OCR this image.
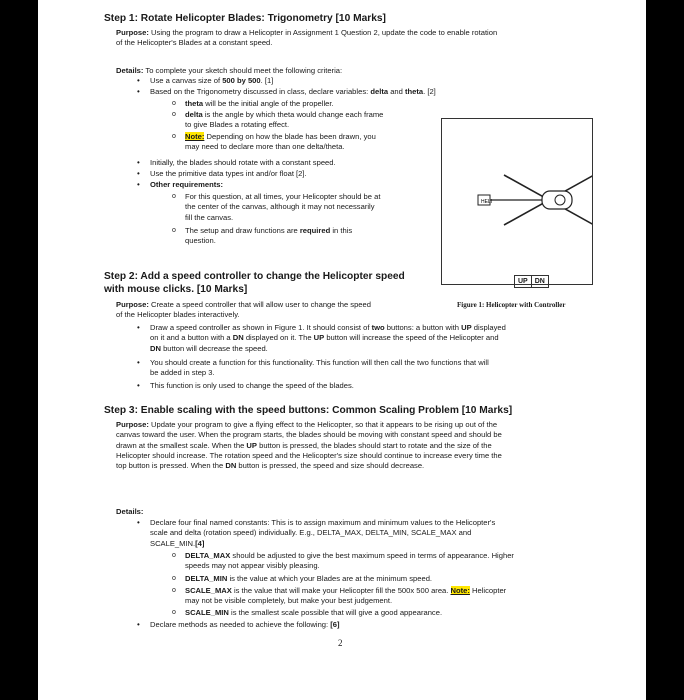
Step 1: Rotate Helicopter Blades: Trigonometry [10 Marks]
Purpose: Using the program to draw a Helicopter in Assignment 1 Question 2, update the code to enable rotation
of the Helicopter's Blades at a constant speed.
Details: To complete your sketch should meet the following criteria:
• Use a canvas size of 500 by 500. [1]
• Based on the Trigonometry discussed in class, declare variables: delta and theta. [2]
o theta will be the initial angle of the propeller.
o delta is the angle by which theta would change each frame
to give Blades a rotating effect.
o Note: Depending on how the blade has been drawn, you
may need to declare more than one delta/theta.
• Initially, the blades should rotate with a constant speed.
• Use the primitive data types int and/or float [2].
• Other requirements:
o For this question, at all times, your Helicopter should be at
the center of the canvas, although it may not necessarily
fill the canvas.
o The setup and draw functions are required in this
question.
HELI
UP	DN
Figure 1: Helicopter with Controller
Step 2: Add a speed controller to change the Helicopter speed
with mouse clicks. [10 Marks]
Purpose: Create a speed controller that will allow user to change the speed
of the Helicopter blades interactively.
• Draw a speed controller as shown in Figure 1. It should consist of two buttons: a button with UP displayed
on it and a button with a DN displayed on it. The UP button will increase the speed of the Helicopter and
DN button will decrease the speed.
• You should create a function for this functionality. This function will then call the two functions that will
be added in step 3.
• This function is only used to change the speed of the blades.
Step 3: Enable scaling with the speed buttons: Common Scaling Problem [10 Marks]
Purpose: Update your program to give a flying effect to the Helicopter, so that it appears to be rising up out of the
canvas toward the user. When the program starts, the blades should be moving with constant speed and should be
drawn at the smallest scale. When the UP button is pressed, the blades should start to rotate and the size of the
Helicopter should increase. The rotation speed and the Helicopter's size should continue to increase every time the
top button is pressed. When the DN button is pressed, the speed and size should decrease.
Details:
• Declare four final named constants: This is to assign maximum and minimum values to the Helicopter's
scale and delta (rotation speed) individually. E.g., DELTA_MAX, DELTA_MIN, SCALE_MAX and
SCALE_MIN.[4]
o DELTA_MAX should be adjusted to give the best maximum speed in terms of appearance. Higher
speeds may not appear visibly pleasing.
o DELTA_MIN is the value at which your Blades are at the minimum speed.
o SCALE_MAX is the value that will make your Helicopter fill the 500x 500 area. Note: Helicopter
may not be visible completely, but make your best judgement.
o SCALE_MIN is the smallest scale possible that will give a good appearance.
• Declare methods as needed to achieve the following: [6]
2
